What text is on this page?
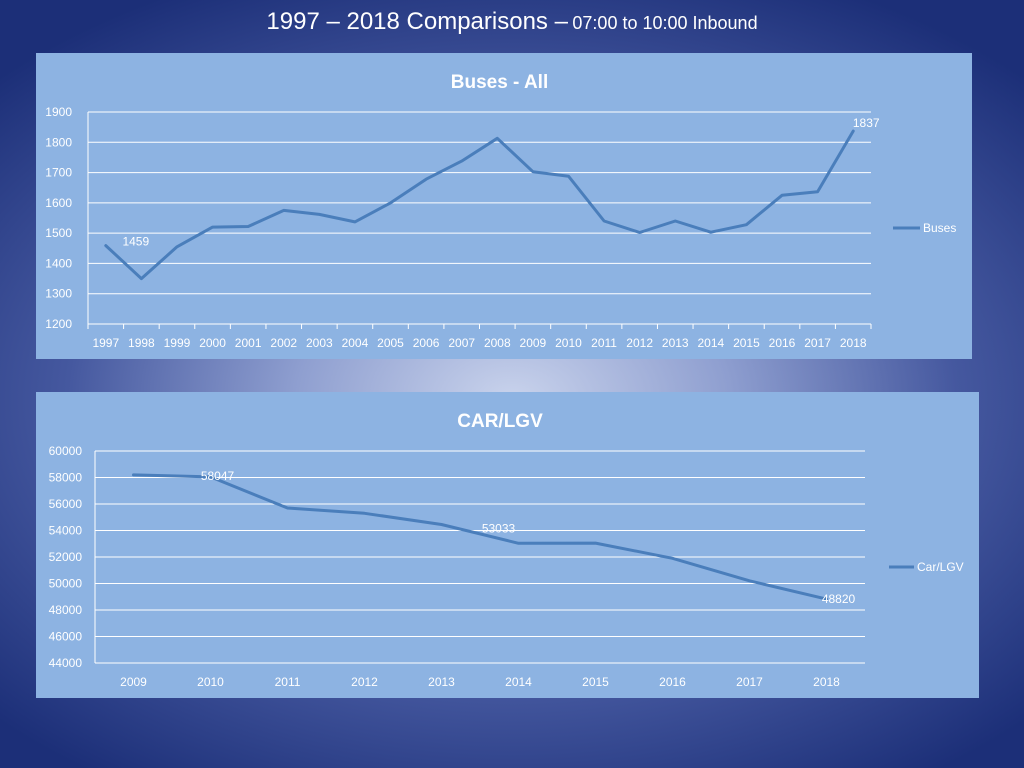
1997 – 2018 Comparisons – 07:00 to 10:00 Inbound
Buses - All
1200
1300
1400
1500
1600
1700
1800
1900
1997 1998 1999 2000 2001 2002 2003 2004 2005 2006 2007 2008 2009 2010 2011 2012 2013 2014 2015 2016 2017 2018
Buses
1459
1837
CAR/LGV
44000
46000
48000
50000
52000
54000
56000
58000
60000
2009	2010	2011	2012	2013	2014	2015	2016	2017	2018
Car/LGV
58047
53033
48820
